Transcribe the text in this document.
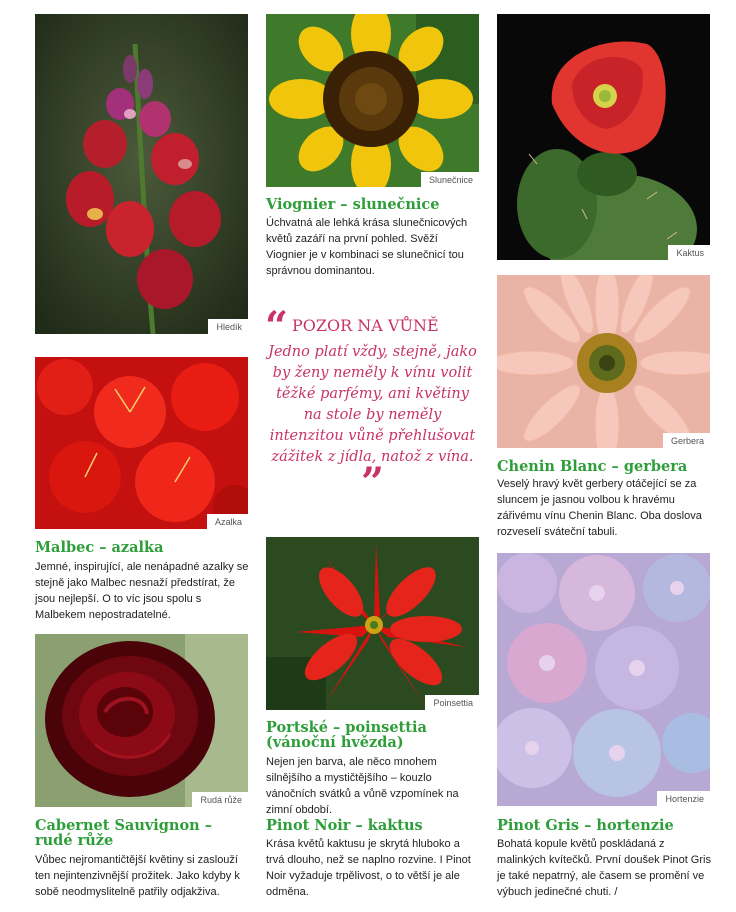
Hledík
Azalka
Malbec – azalka

Jemné, inspirující, ale nenápadné azalky se stejně jako Malbec nesnaží předstírat, že jsou nejlepší. O to víc jsou spolu s Malbekem nepostradatelné.

Rudá růže
Cabernet Sauvignon – rudé růže

Vůbec nejromantičtější květiny si zaslouží ten nejintenzivnější prožitek. Jako kdyby k sobě neodmyslitelně patřily odjakživa.

Slunečnice
Viognier – slunečnice

Úchvatná ale lehká krása slunečnicových květů zazáří na první pohled. Svěží Viognier je v kombinaci se slunečnicí tou správnou dominantou.

“ POZOR NA VŮNĚ

Jedno platí vždy, stejně, jako by ženy neměly k vínu volit těžké parfémy, ani květiny na stole by neměly intenzitou vůně přehlušovat zážitek z jídla, natož z vína. ”

Poinsettia
Portské – poinsettia (vánoční hvězda)

Nejen jen barva, ale něco mnohem silnějšího a mystičtějšího – kouzlo vánočních svátků a vůně vzpomínek na zimní období.

Pinot Noir – kaktus

Krása květů kaktusu je skrytá hluboko a trvá dlouho, než se naplno rozvine. I Pinot Noir vyžaduje trpělivost, o to větší je ale odměna.

Kaktus
Gerbera
Chenin Blanc – gerbera

Veselý hravý květ gerbery otáčející se za sluncem je jasnou volbou k hravému zářivému vínu Chenin Blanc. Oba doslova rozveselí sváteční tabuli.

Hortenzie
Pinot Gris – hortenzie

Bohatá kopule květů poskládaná z malinkých kvítečků. První doušek Pinot Gris je také nepatrný, ale časem se promění ve výbuch jedinečné chuti. /
